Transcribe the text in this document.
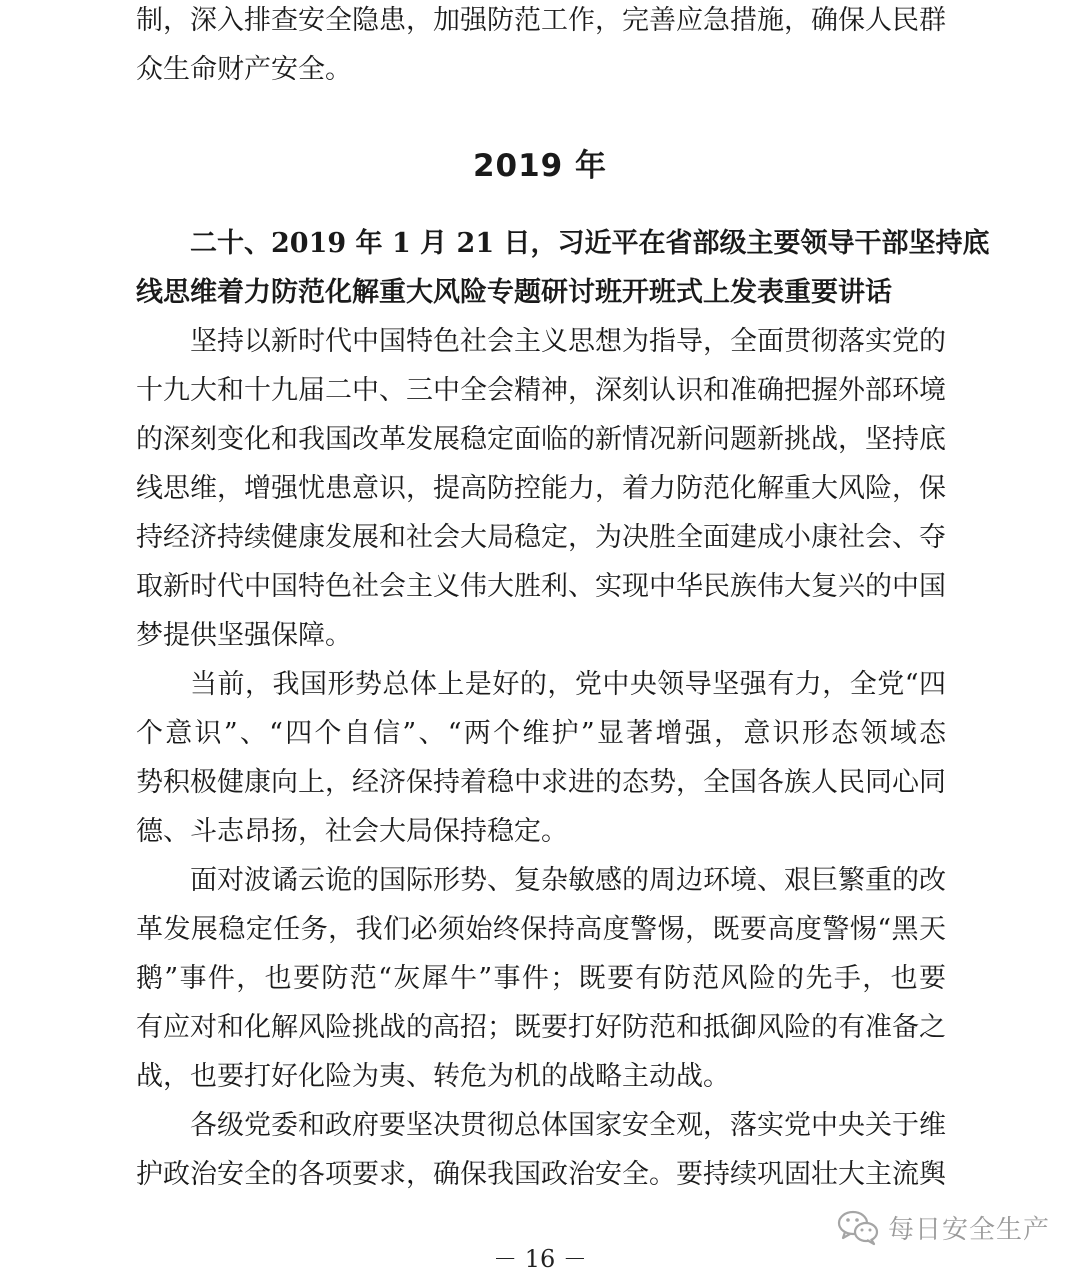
制，深入排查安全隐患，加强防范工作，完善应急措施，确保人民群
众生命财产安全。
2019 年
二十、2019 年 1 月 21 日，习近平在省部级主要领导干部坚持底
线思维着力防范化解重大风险专题研讨班开班式上发表重要讲话
坚持以新时代中国特色社会主义思想为指导，全面贯彻落实党的
十九大和十九届二中、三中全会精神，深刻认识和准确把握外部环境
的深刻变化和我国改革发展稳定面临的新情况新问题新挑战，坚持底
线思维，增强忧患意识，提高防控能力，着力防范化解重大风险，保
持经济持续健康发展和社会大局稳定，为决胜全面建成小康社会、夺
取新时代中国特色社会主义伟大胜利、实现中华民族伟大复兴的中国
梦提供坚强保障。
当前，我国形势总体上是好的，党中央领导坚强有力，全党“四
个意识”、“四个自信”、“两个维护”显著增强，意识形态领域态
势积极健康向上，经济保持着稳中求进的态势，全国各族人民同心同
德、斗志昂扬，社会大局保持稳定。
面对波谲云诡的国际形势、复杂敏感的周边环境、艰巨繁重的改
革发展稳定任务，我们必须始终保持高度警惕，既要高度警惕“黑天
鹅”事件，也要防范“灰犀牛”事件；既要有防范风险的先手，也要
有应对和化解风险挑战的高招；既要打好防范和抵御风险的有准备之
战，也要打好化险为夷、转危为机的战略主动战。
各级党委和政府要坚决贯彻总体国家安全观，落实党中央关于维
护政治安全的各项要求，确保我国政治安全。要持续巩固壮大主流舆
每日安全生产
－ 16 －
